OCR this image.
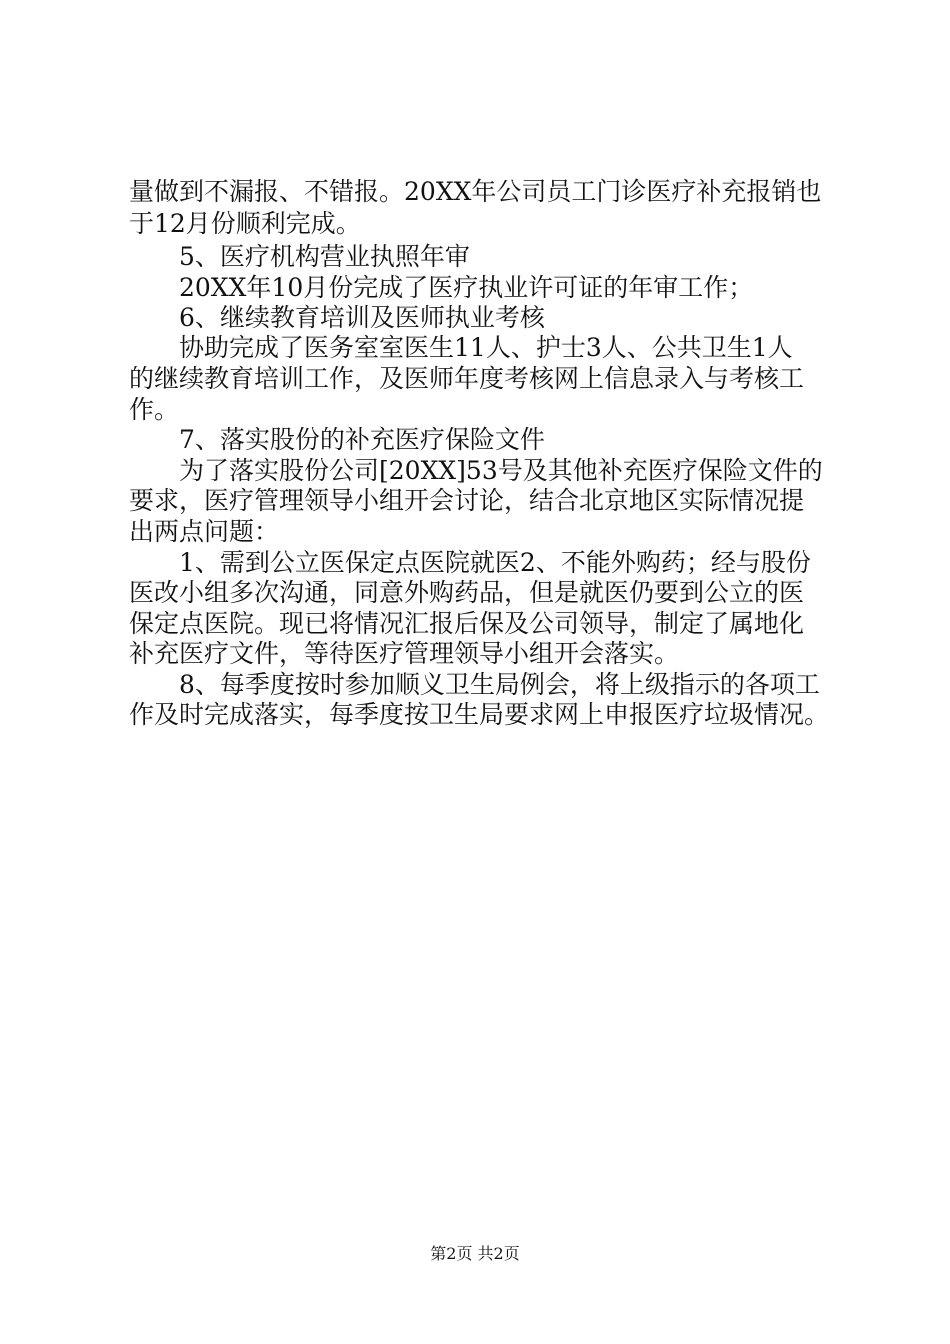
量做到不漏报、不错报。20XX年公司员工门诊医疗补充报销也
于12月份顺利完成。
5、医疗机构营业执照年审
20XX年10月份完成了医疗执业许可证的年审工作；
6、继续教育培训及医师执业考核
协助完成了医务室室医生11人、护士3人、公共卫生1人
的继续教育培训工作，及医师年度考核网上信息录入与考核工
作。
7、落实股份的补充医疗保险文件
为了落实股份公司[20XX]53号及其他补充医疗保险文件的
要求，医疗管理领导小组开会讨论，结合北京地区实际情况提
出两点问题：
1、需到公立医保定点医院就医2、不能外购药；经与股份
医改小组多次沟通，同意外购药品，但是就医仍要到公立的医
保定点医院。现已将情况汇报后保及公司领导，制定了属地化
补充医疗文件，等待医疗管理领导小组开会落实。
8、每季度按时参加顺义卫生局例会，将上级指示的各项工
作及时完成落实，每季度按卫生局要求网上申报医疗垃圾情况。
第2页 共2页
